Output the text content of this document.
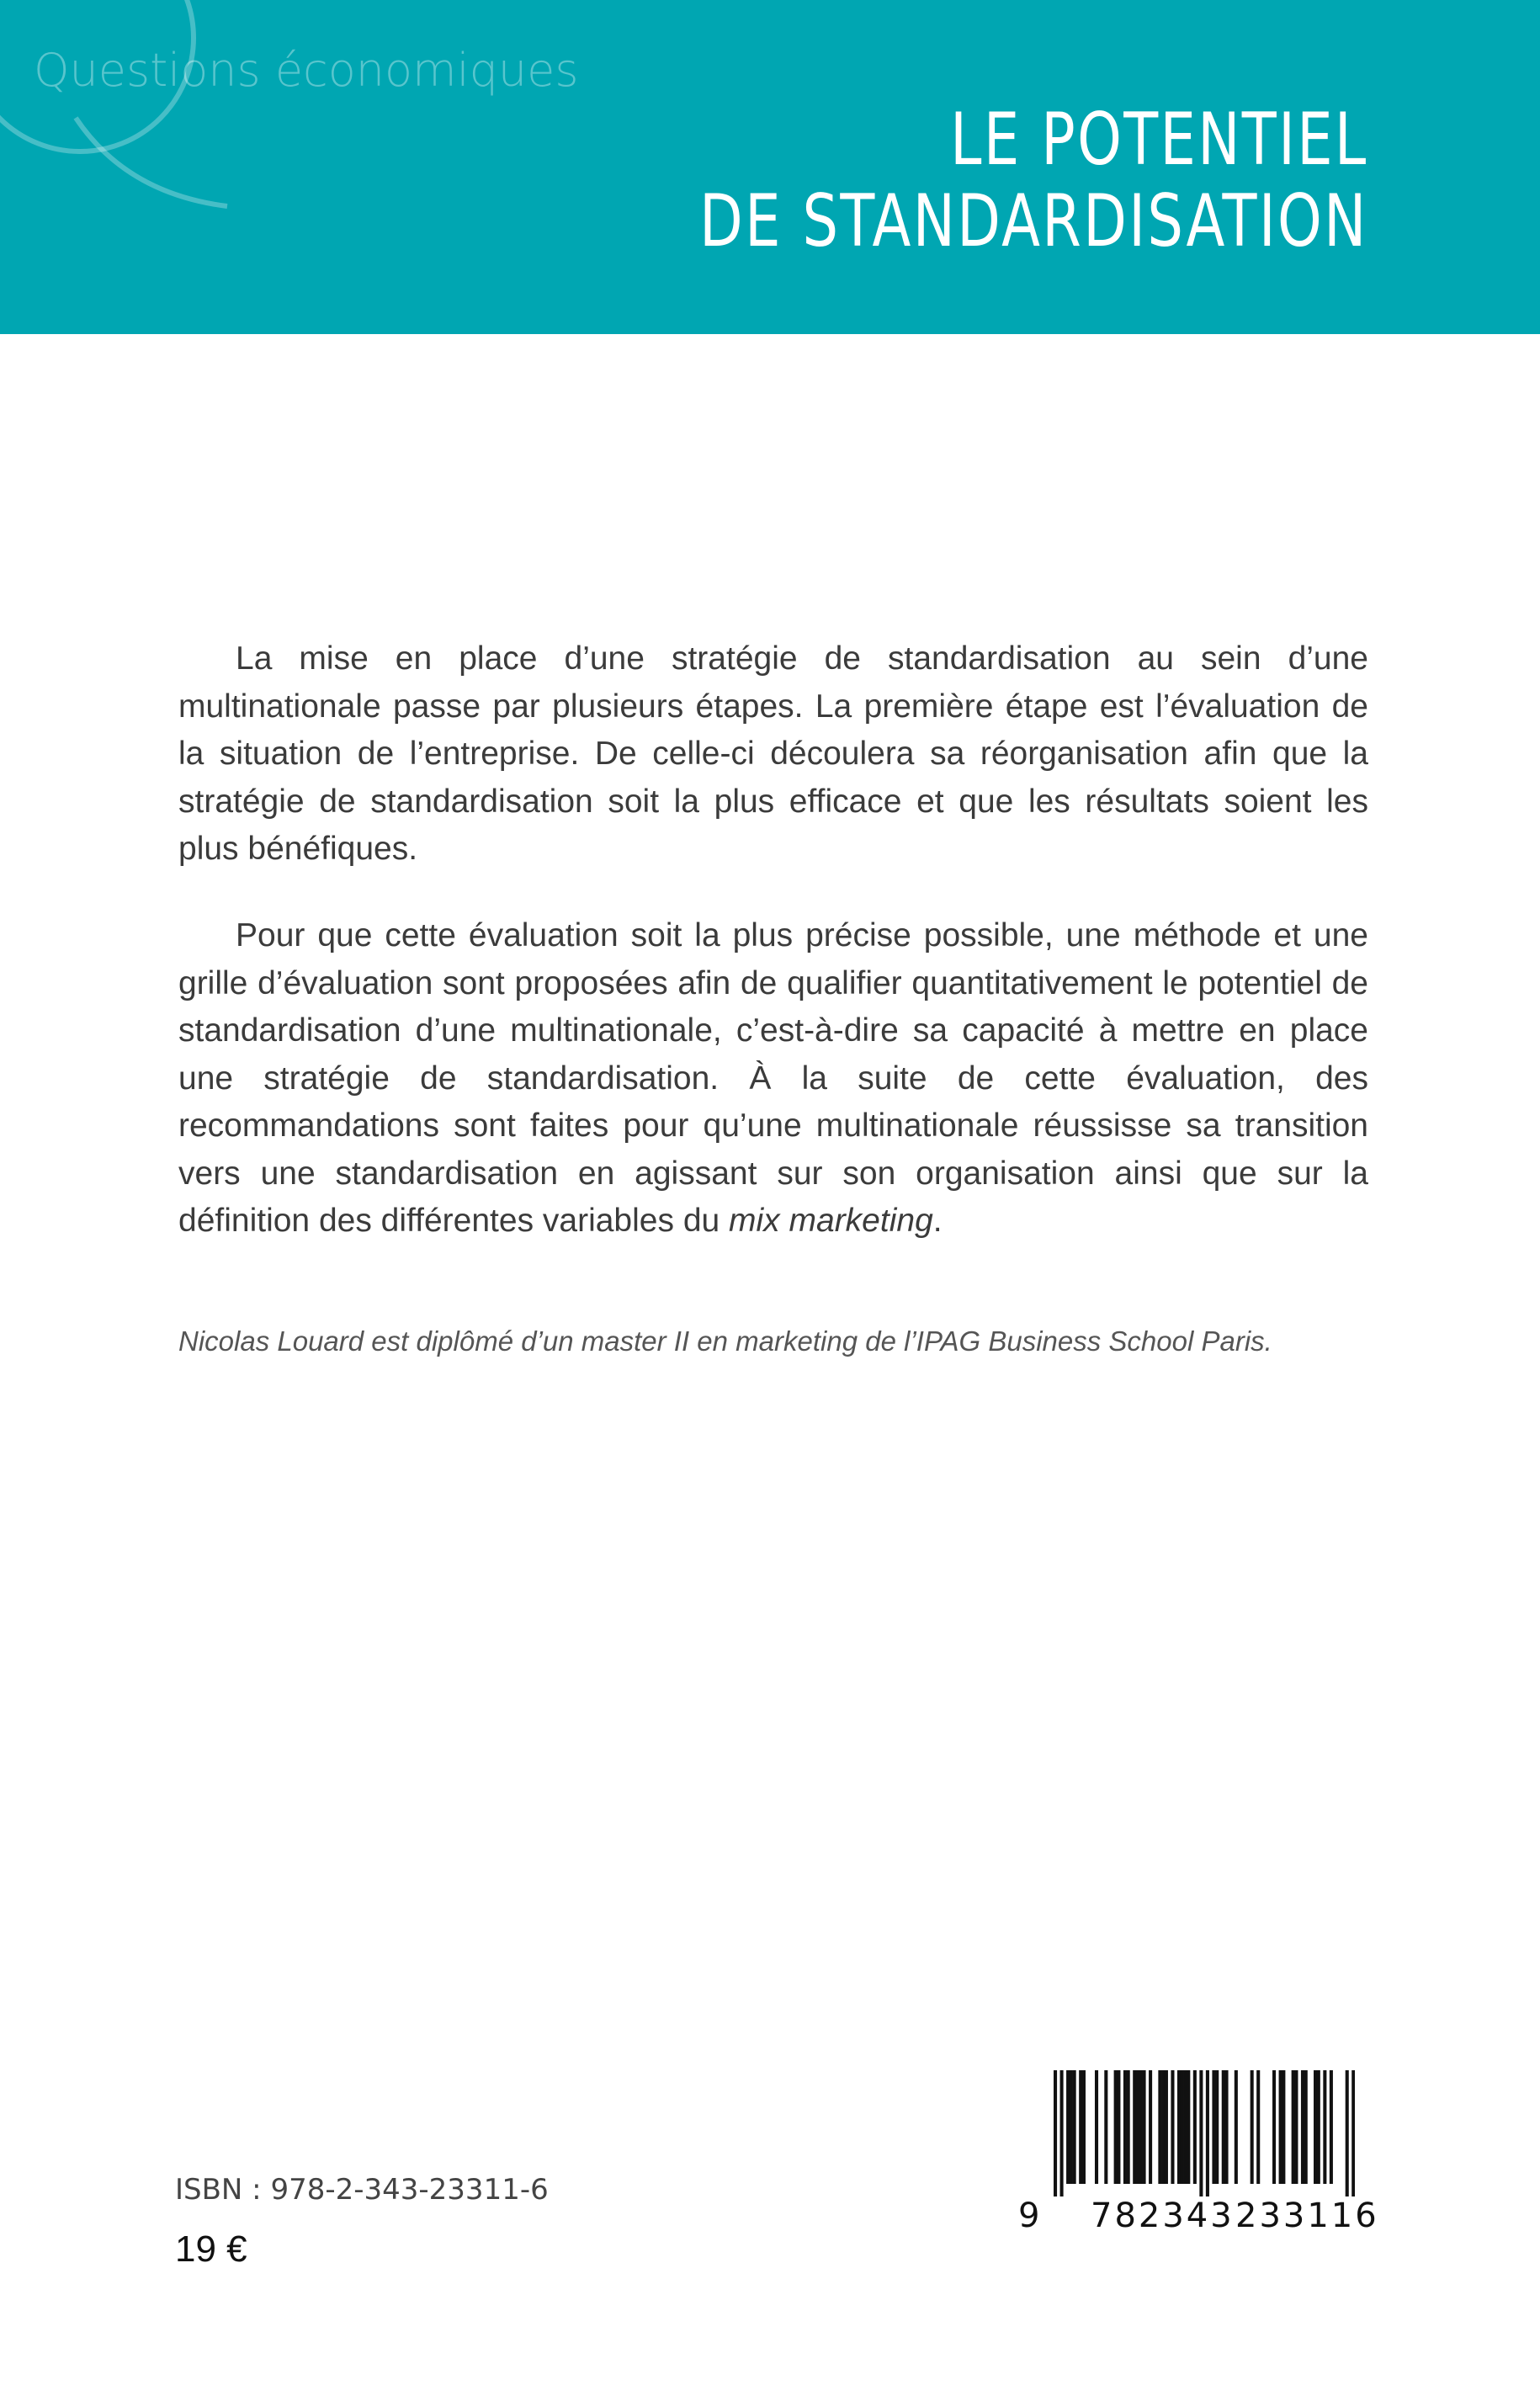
Questions économiques
LE POTENTIEL
DE STANDARDISATION
La mise en place d’une stratégie de standardisation au sein d’une multinationale passe par plusieurs étapes. La première étape est l’évaluation de la situation de l’entreprise. De celle-ci découlera sa réorganisation afin que la stratégie de standardisation soit la plus efficace et que les résultats soient les plus bénéfiques.
Pour que cette évaluation soit la plus précise possible, une méthode et une grille d’évaluation sont proposées afin de qualifier quantitativement le potentiel de standardisation d’une multinationale, c’est-à-dire sa capacité à mettre en place une stratégie de standardisation. À la suite de cette évaluation, des recommandations sont faites pour qu’une multinationale réussisse sa transition vers une standardisation en agissant sur son organisation ainsi que sur la définition des différentes variables du mix marketing.
Nicolas Louard est diplômé d’un master II en marketing de l’IPAG Business School Paris.
ISBN : 978-2-343-23311-6
19 €
9 782343 233116
